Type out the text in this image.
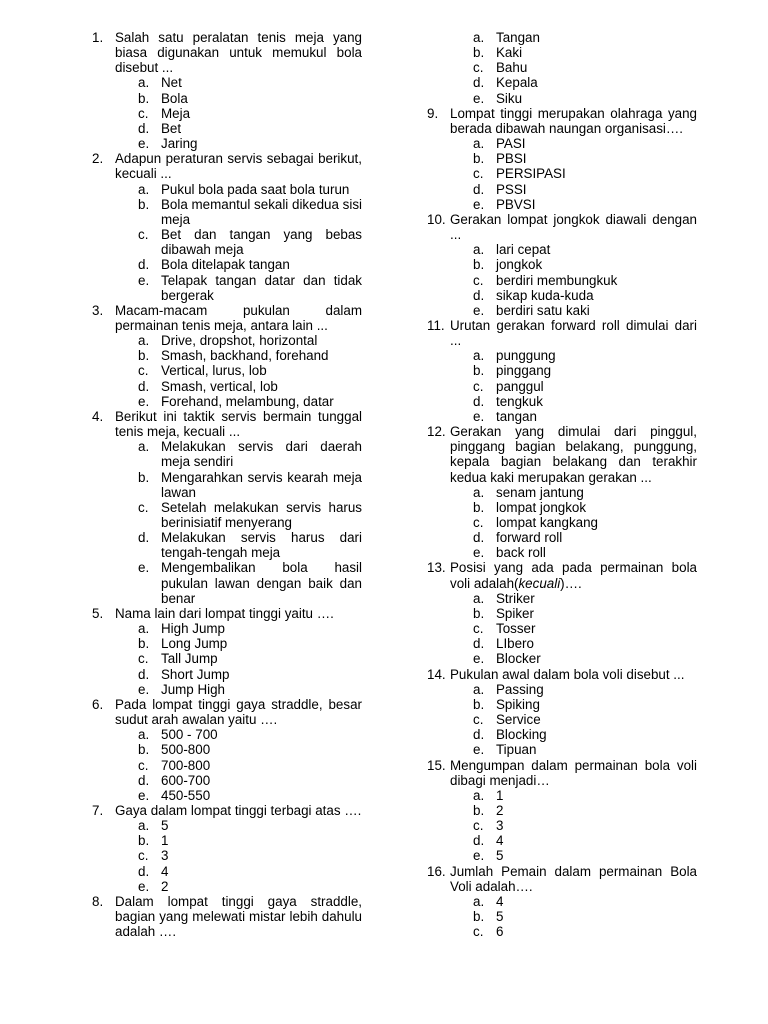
1. Salah satu peralatan tenis meja yang biasa digunakan untuk memukul bola disebut ...
a. Net
b. Bola
c. Meja
d. Bet
e. Jaring
2. Adapun peraturan servis sebagai berikut, kecuali ...
a. Pukul bola pada saat bola turun
b. Bola memantul sekali dikedua sisi meja
c. Bet dan tangan yang bebas dibawah meja
d. Bola ditelapak tangan
e. Telapak tangan datar dan tidak bergerak
3. Macam-macam pukulan dalam permainan tenis meja, antara lain ...
a. Drive, dropshot, horizontal
b. Smash, backhand, forehand
c. Vertical, lurus, lob
d. Smash, vertical, lob
e. Forehand, melambung, datar
4. Berikut ini taktik servis bermain tunggal tenis meja, kecuali ...
a. Melakukan servis dari daerah meja sendiri
b. Mengarahkan servis kearah meja lawan
c. Setelah melakukan servis harus berinisiatif menyerang
d. Melakukan servis harus dari tengah-tengah meja
e. Mengembalikan bola hasil pukulan lawan dengan baik dan benar
5. Nama lain dari lompat tinggi yaitu ….
a. High Jump
b. Long Jump
c. Tall Jump
d. Short Jump
e. Jump High
6. Pada lompat tinggi gaya straddle, besar sudut arah awalan yaitu ….
a. 500 - 700
b. 500-800
c. 700-800
d. 600-700
e. 450-550
7. Gaya dalam lompat tinggi terbagi atas ….
a. 5
b. 1
c. 3
d. 4
e. 2
8. Dalam lompat tinggi gaya straddle, bagian yang melewati mistar lebih dahulu adalah ….
a. Tangan
b. Kaki
c. Bahu
d. Kepala
e. Siku
9. Lompat tinggi merupakan olahraga yang berada dibawah naungan organisasi….
a. PASI
b. PBSI
c. PERSIPASI
d. PSSI
e. PBVSI
10. Gerakan lompat jongkok diawali dengan ...
a. lari cepat
b. jongkok
c. berdiri membungkuk
d. sikap kuda-kuda
e. berdiri satu kaki
11. Urutan gerakan forward roll dimulai dari ...
a. punggung
b. pinggang
c. panggul
d. tengkuk
e. tangan
12. Gerakan yang dimulai dari pinggul, pinggang bagian belakang, punggung, kepala bagian belakang dan terakhir kedua kaki merupakan gerakan ...
a. senam jantung
b. lompat jongkok
c. lompat kangkang
d. forward roll
e. back roll
13. Posisi yang ada pada permainan bola voli adalah(kecuali)….
a. Striker
b. Spiker
c. Tosser
d. LIbero
e. Blocker
14. Pukulan awal dalam bola voli disebut ...
a. Passing
b. Spiking
c. Service
d. Blocking
e. Tipuan
15. Mengumpan dalam permainan bola voli dibagi menjadi…
a. 1
b. 2
c. 3
d. 4
e. 5
16. Jumlah Pemain dalam permainan Bola Voli adalah….
a. 4
b. 5
c. 6
